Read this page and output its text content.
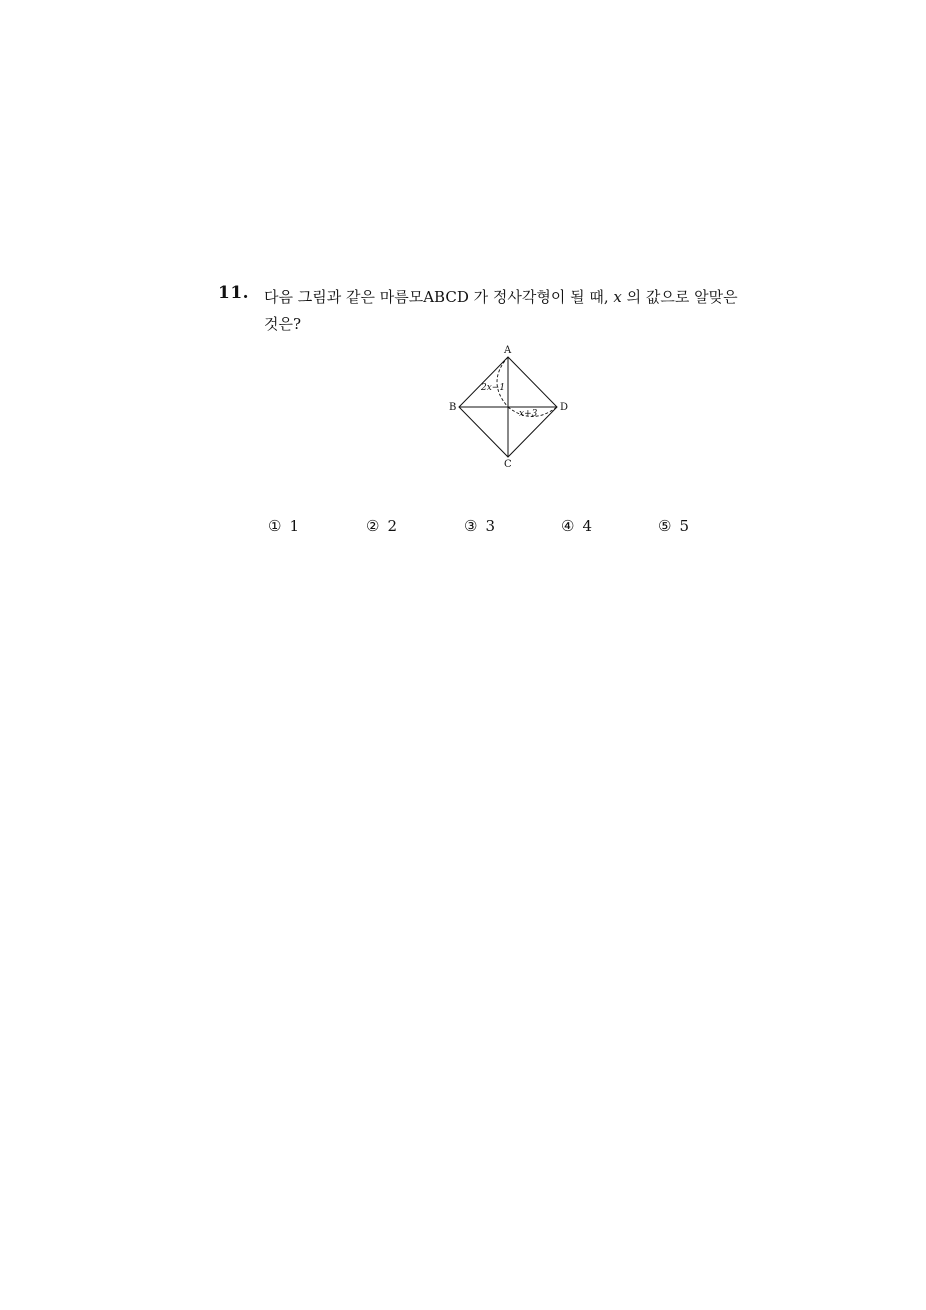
11. 다음 그림과 같은 마름모ABCD 가 정사각형이 될 때, x 의 값으로 알맞은
것은?
A
B
C
D
2x−1
x+3
① 1	② 2	③ 3	④ 4	⑤ 5
